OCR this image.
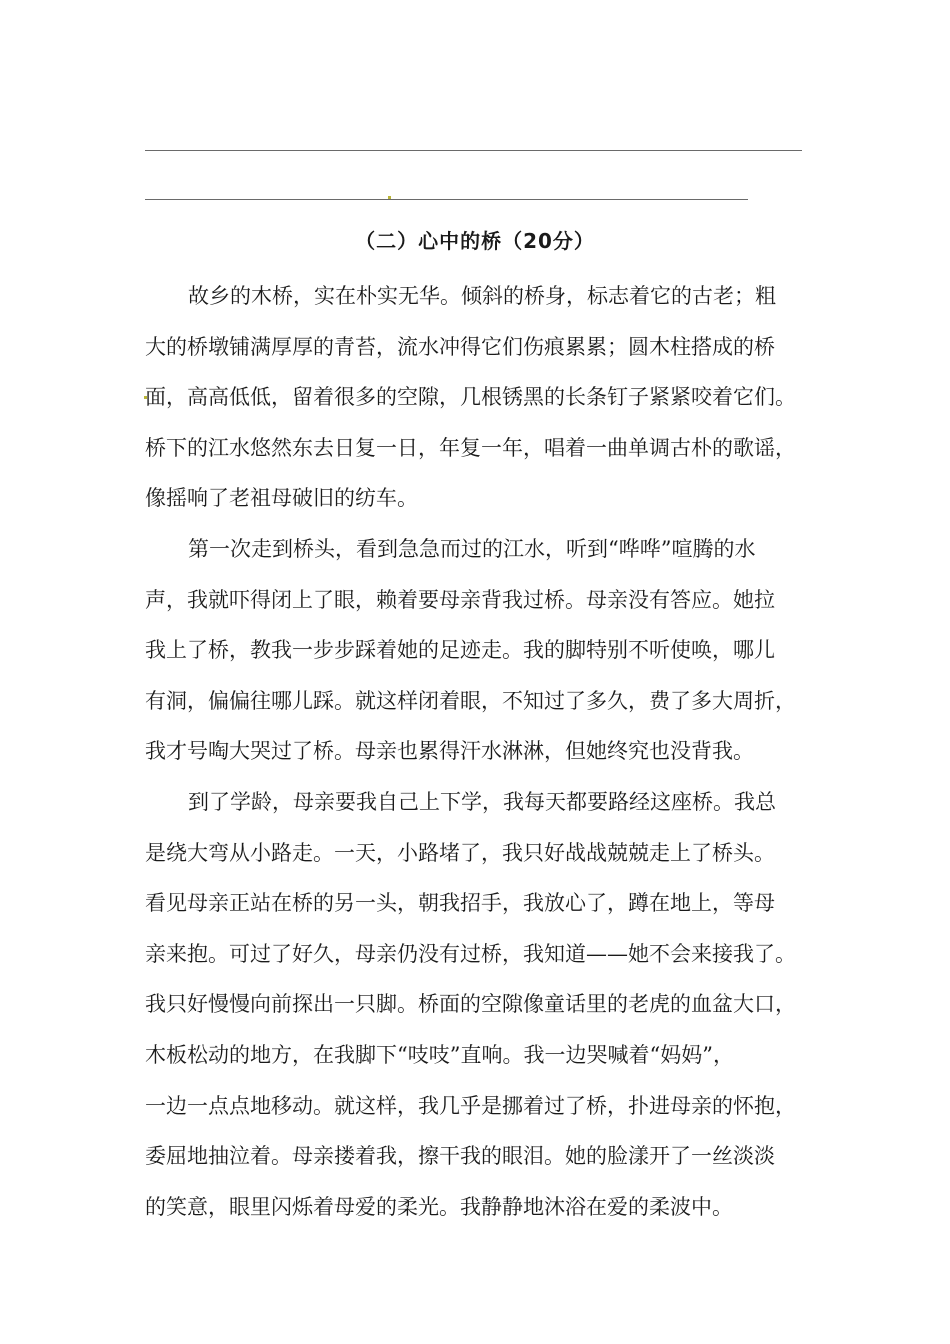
（二）心中的桥（20分）
故乡的木桥，实在朴实无华。倾斜的桥身，标志着它的古老；粗
大的桥墩铺满厚厚的青苔，流水冲得它们伤痕累累；圆木柱搭成的桥
面，高高低低，留着很多的空隙，几根锈黑的长条钉子紧紧咬着它们。
桥下的江水悠然东去日复一日，年复一年，唱着一曲单调古朴的歌谣，
像摇响了老祖母破旧的纺车。
第一次走到桥头，看到急急而过的江水，听到“哗哗”喧腾的水
声，我就吓得闭上了眼，赖着要母亲背我过桥。母亲没有答应。她拉
我上了桥，教我一步步踩着她的足迹走。我的脚特别不听使唤，哪儿
有洞，偏偏往哪儿踩。就这样闭着眼，不知过了多久，费了多大周折，
我才号啕大哭过了桥。母亲也累得汗水淋淋，但她终究也没背我。
到了学龄，母亲要我自己上下学，我每天都要路经这座桥。我总
是绕大弯从小路走。一天，小路堵了，我只好战战兢兢走上了桥头。
看见母亲正站在桥的另一头，朝我招手，我放心了，蹲在地上，等母
亲来抱。可过了好久，母亲仍没有过桥，我知道——她不会来接我了。
我只好慢慢向前探出一只脚。桥面的空隙像童话里的老虎的血盆大口，
木板松动的地方，在我脚下“吱吱”直响。我一边哭喊着“妈妈”，
一边一点点地移动。就这样，我几乎是挪着过了桥，扑进母亲的怀抱，
委屈地抽泣着。母亲搂着我，擦干我的眼泪。她的脸漾开了一丝淡淡
的笑意，眼里闪烁着母爱的柔光。我静静地沐浴在爱的柔波中。
